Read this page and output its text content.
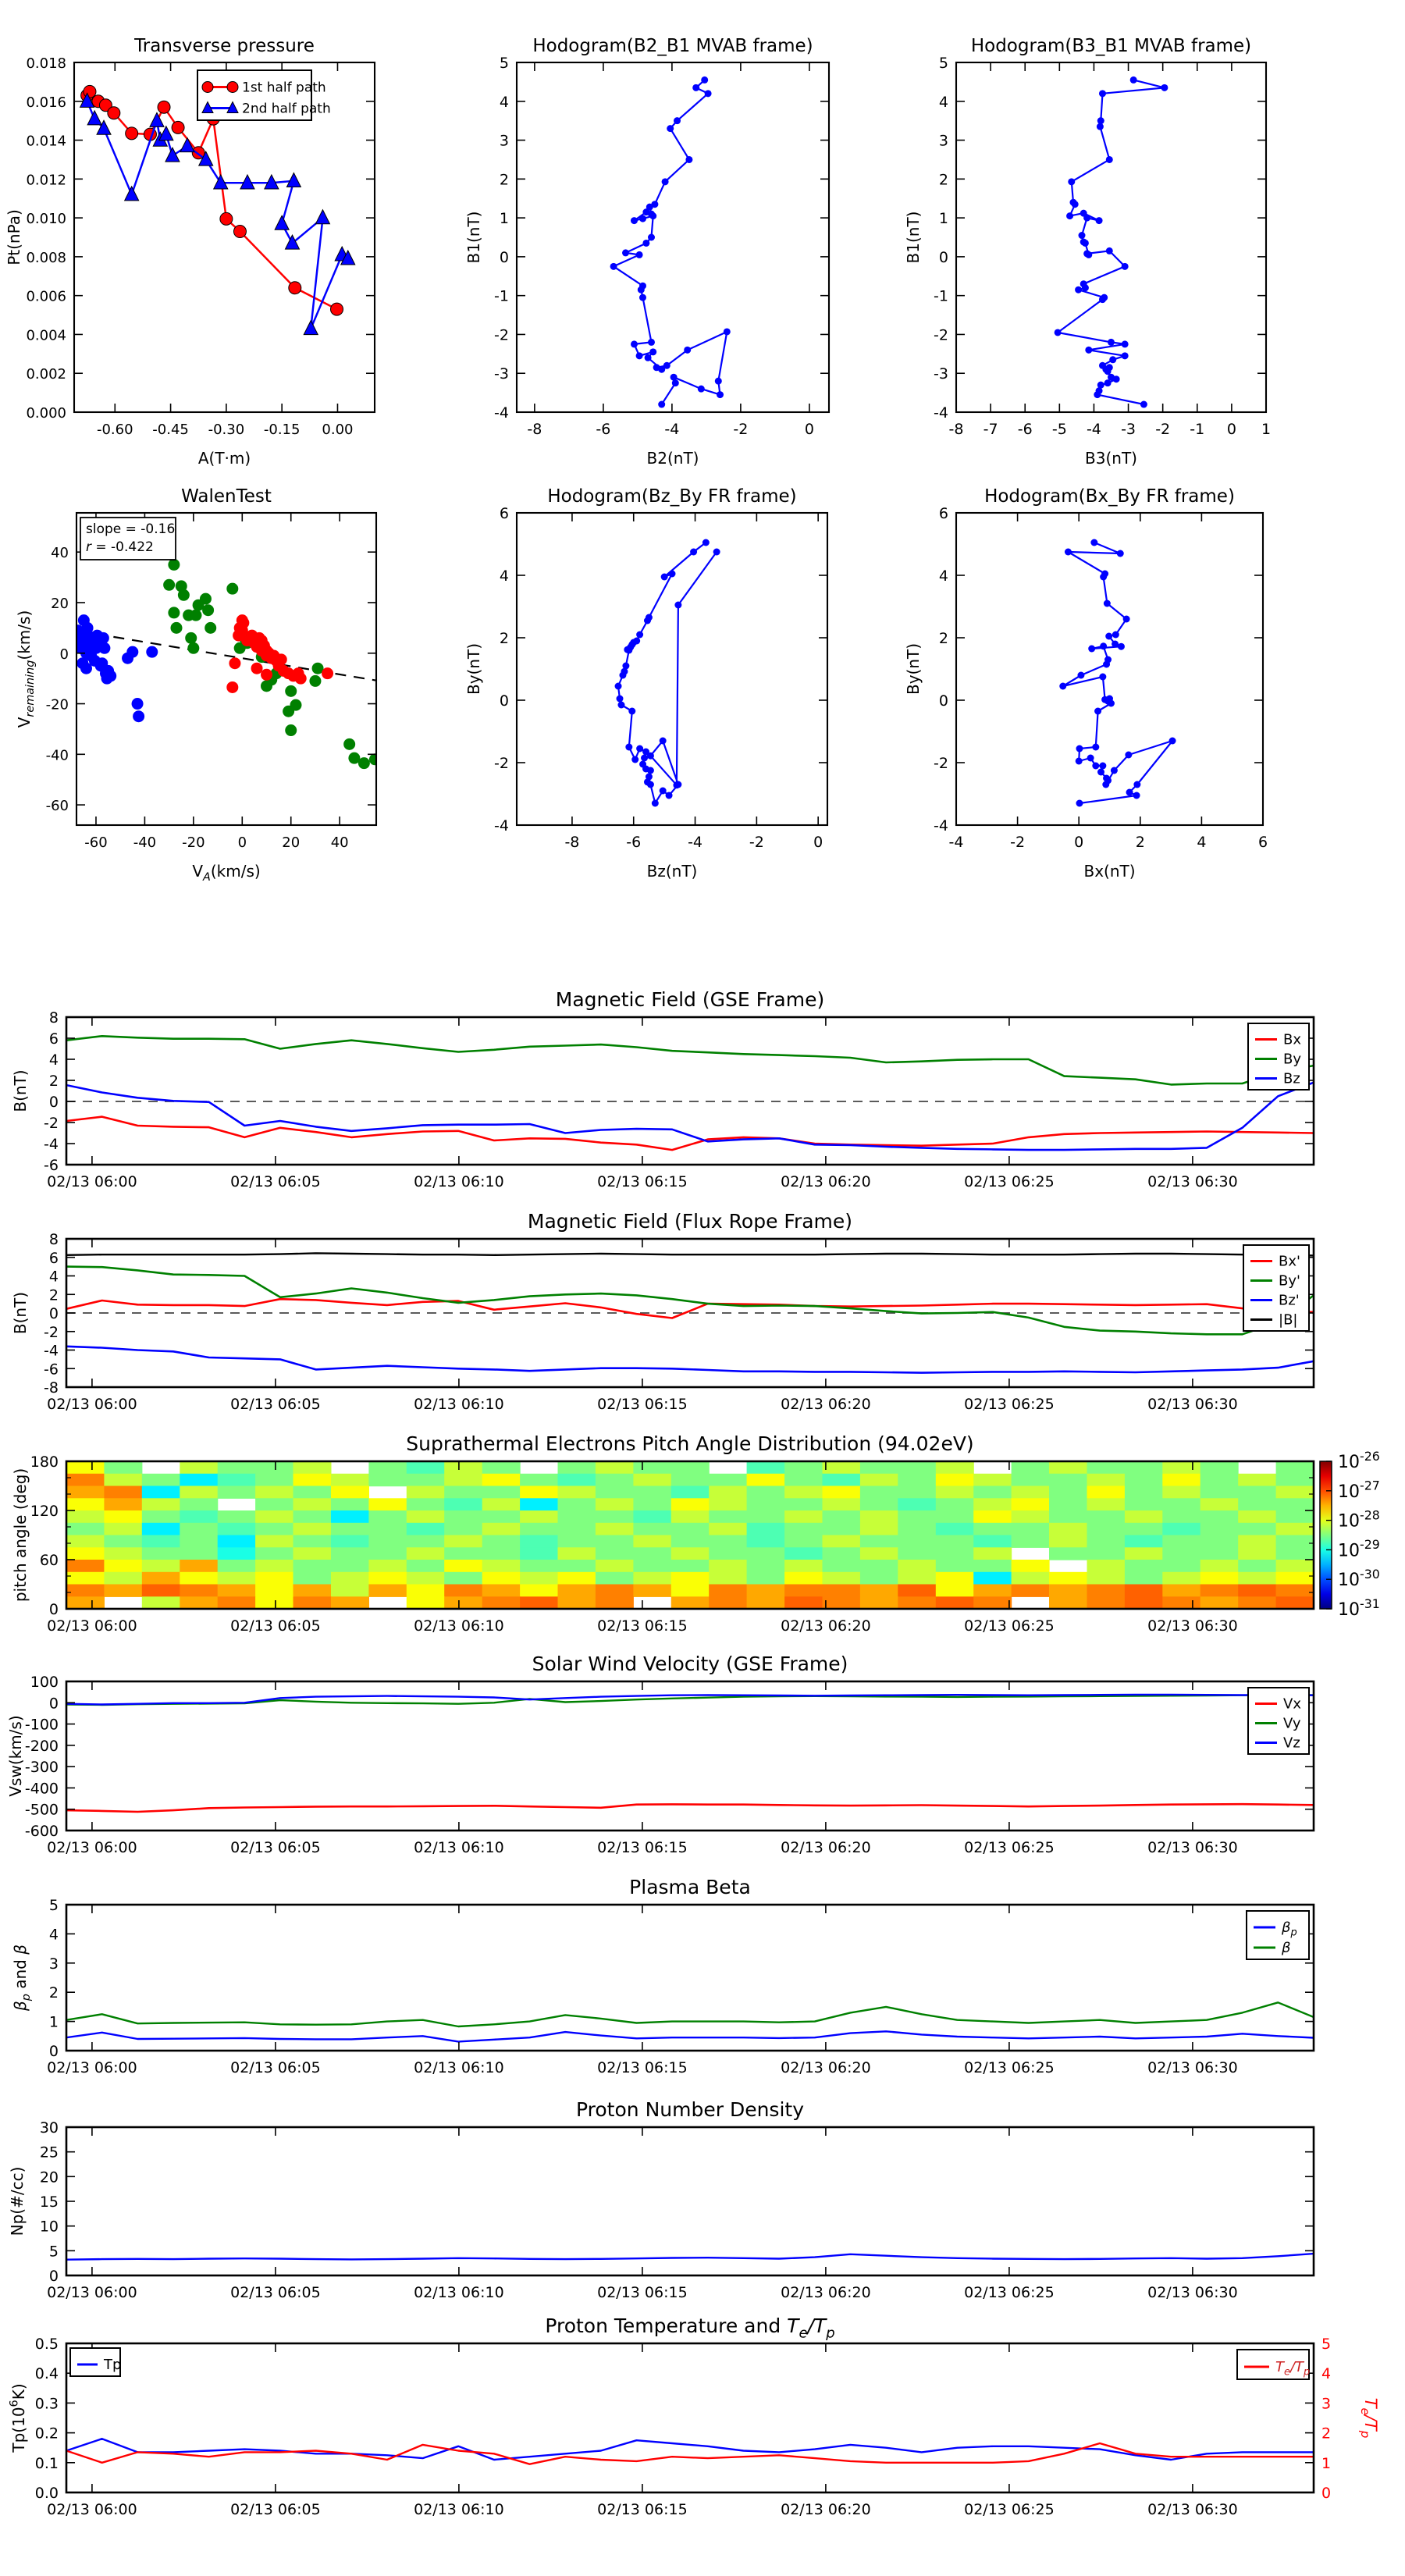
-0.60 -0.45 -0.30 -0.15 0.00
0.000
0.002
0.004
0.006
0.008
0.010
0.012
0.014
0.016
0.018
Transverse pressure
A(T·m)
Pt(nPa)
1st half path
2nd half path
-8	-6	-4	-2	0
-4
-3
-2
-1
0
1
2
3
4
5
Hodogram(B2_B1 MVAB frame)
B2(nT)
B1(nT)
-8 -7 -6 -5 -4 -3 -2 -1 0 1
-4
-3
-2
-1
0
1
2
3
4
5
Hodogram(B3_B1 MVAB frame)
B3(nT)
B1(nT)
-60 -40 -20 0	20 40
-60
-40
-20
0
20
40
WalenTest
$V_A(km/s)$
$V_{remaining}(km/s)$
slope = -0.16
r = -0.422
-8	-6	-4	-2	0
-4
-2
0
2
4
6
Hodogram(Bz_By FR frame)
Bz(nT)
By(nT)
-4	-2	0	2	4	6
-4
-2
0
2
4
6
Hodogram(Bx_By FR frame)
Bx(nT)
By(nT)
02/13 06:00	02/13 06:05	02/13 06:10	02/13 06:15	02/13 06:20	02/13 06:25	02/13 06:30
-6
-4
-2
0
2
4
6
8
Magnetic Field (GSE Frame)
B(nT)
Bx
By
Bz
02/13 06:00	02/13 06:05	02/13 06:10	02/13 06:15	02/13 06:20	02/13 06:25	02/13 06:30
-8
-6
-4
-2
0
2
4
6
8
Magnetic Field (Flux Rope Frame)
B(nT)
Bx'
By'
Bz'
|B|
02/13 06:00	02/13 06:05	02/13 06:10	02/13 06:15	02/13 06:20	02/13 06:25	02/13 06:30
0
60
120
180
Suprathermal Electrons Pitch Angle Distribution (94.02eV)
pitch angle (deg)
$10^{-26}$
$10^{-27}$
$10^{-28}$
$10^{-29}$
$10^{-30}$
$10^{-31}$
02/13 06:00	02/13 06:05	02/13 06:10	02/13 06:15	02/13 06:20	02/13 06:25	02/13 06:30
-600
-500
-400
-300
-200
-100
0
100
Solar Wind Velocity (GSE Frame)
Vsw(km/s)
Vx
Vy
Vz
02/13 06:00	02/13 06:05	02/13 06:10	02/13 06:15	02/13 06:20	02/13 06:25	02/13 06:30
0
1
2
3
4
5
Plasma Beta
$\beta_p$ and β
$\beta_p$
β
02/13 06:00	02/13 06:05	02/13 06:10	02/13 06:15	02/13 06:20	02/13 06:25	02/13 06:30
0
5
10
15
20
25
30
Proton Number Density
Np(#/cc)
02/13 06:00	02/13 06:05	02/13 06:10	02/13 06:15	02/13 06:20	02/13 06:25	02/13 06:30
0.0
0.1
0.2
0.3
0.4
0.5
0
1
2
3
4
5
$T_e/T_p$
Proton Temperature and $T_e/T_p$
$Tp(10^6K)$
Tp	$T_e/T_p$
